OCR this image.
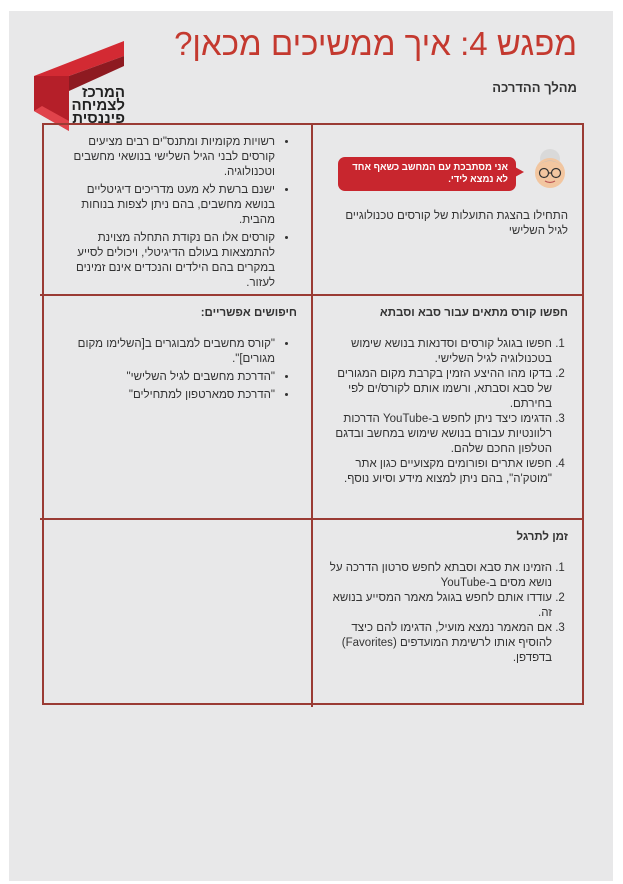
המרכז
לצמיחה
פיננסית
מפגש 4: איך ממשיכים מכאן?
מהלך ההדרכה
אני מסתבכת עם המחשב כשאף אחד לא נמצא לידי.
התחילו בהצגת התועלות של קורסים טכנולוגיים לגיל השלישי
• רשויות מקומיות ומתנס"ים רבים מציעים קורסים לבני הגיל השלישי בנושאי מחשבים וטכנולוגיה.
• ישנם ברשת לא מעט מדריכים דיגיטליים בנושא מחשבים, בהם ניתן לצפות בנוחות מהבית.
• קורסים אלו הם נקודת התחלה מצוינת להתמצאות בעולם הדיגיטלי, ויכולים לסייע במקרים בהם הילדים והנכדים אינם זמינים לעזור.
חפשו קורס מתאים עבור סבא וסבתא
1. חפשו בגוגל קורסים וסדנאות בנושא שימוש בטכנולוגיה לגיל השלישי.
2. בדקו מהו ההיצע הזמין בקרבת מקום המגורים של סבא וסבתא, ורשמו אותם לקורס/ים לפי בחירתם.
3. הדגימו כיצד ניתן לחפש ב-YouTube הדרכות רלוונטיות עבורם בנושא שימוש במחשב ובדגם הטלפון החכם שלהם.
4. חפשו אתרים ופורומים מקצועיים כגון אתר "מוטק'ה", בהם ניתן למצוא מידע וסיוע נוסף.
חיפושים אפשריים:
• "קורס מחשבים למבוגרים ב[השלימו מקום מגורים]".
• "הדרכת מחשבים לגיל השלישי"
• "הדרכת סמארטפון למתחילים"
זמן לתרגל
1. הזמינו את סבא וסבתא לחפש סרטון הדרכה על נושא מסים ב-YouTube
2. עודדו אותם לחפש בגוגל מאמר המסייע בנושא זה.
3. אם המאמר נמצא מועיל, הדגימו להם כיצד להוסיף אותו לרשימת המועדפים (Favorites) בדפדפן.
